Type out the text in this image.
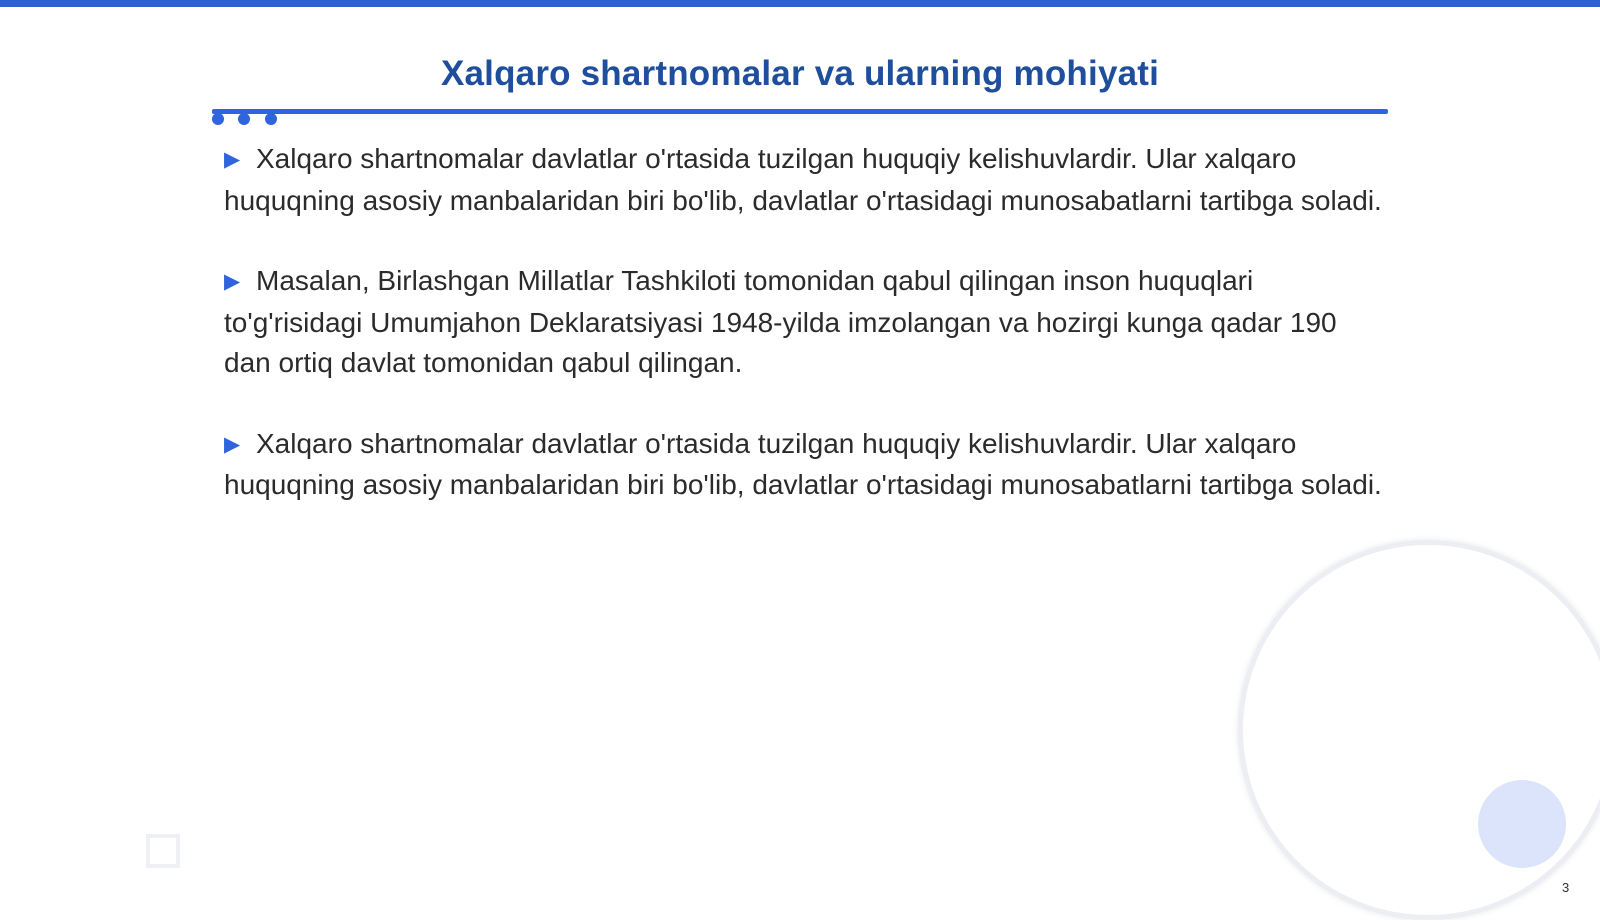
Xalqaro shartnomalar va ularning mohiyati

▶ Xalqaro shartnomalar davlatlar o'rtasida tuzilgan huquqiy kelishuvlardir. Ular xalqaro huquqning asosiy manbalaridan biri bo'lib, davlatlar o'rtasidagi munosabatlarni tartibga soladi.

▶ Masalan, Birlashgan Millatlar Tashkiloti tomonidan qabul qilingan inson huquqlari to'g'risidagi Umumjahon Deklaratsiyasi 1948-yilda imzolangan va hozirgi kunga qadar 190 dan ortiq davlat tomonidan qabul qilingan.

▶ Xalqaro shartnomalar davlatlar o'rtasida tuzilgan huquqiy kelishuvlardir. Ular xalqaro huquqning asosiy manbalaridan biri bo'lib, davlatlar o'rtasidagi munosabatlarni tartibga soladi.

3
